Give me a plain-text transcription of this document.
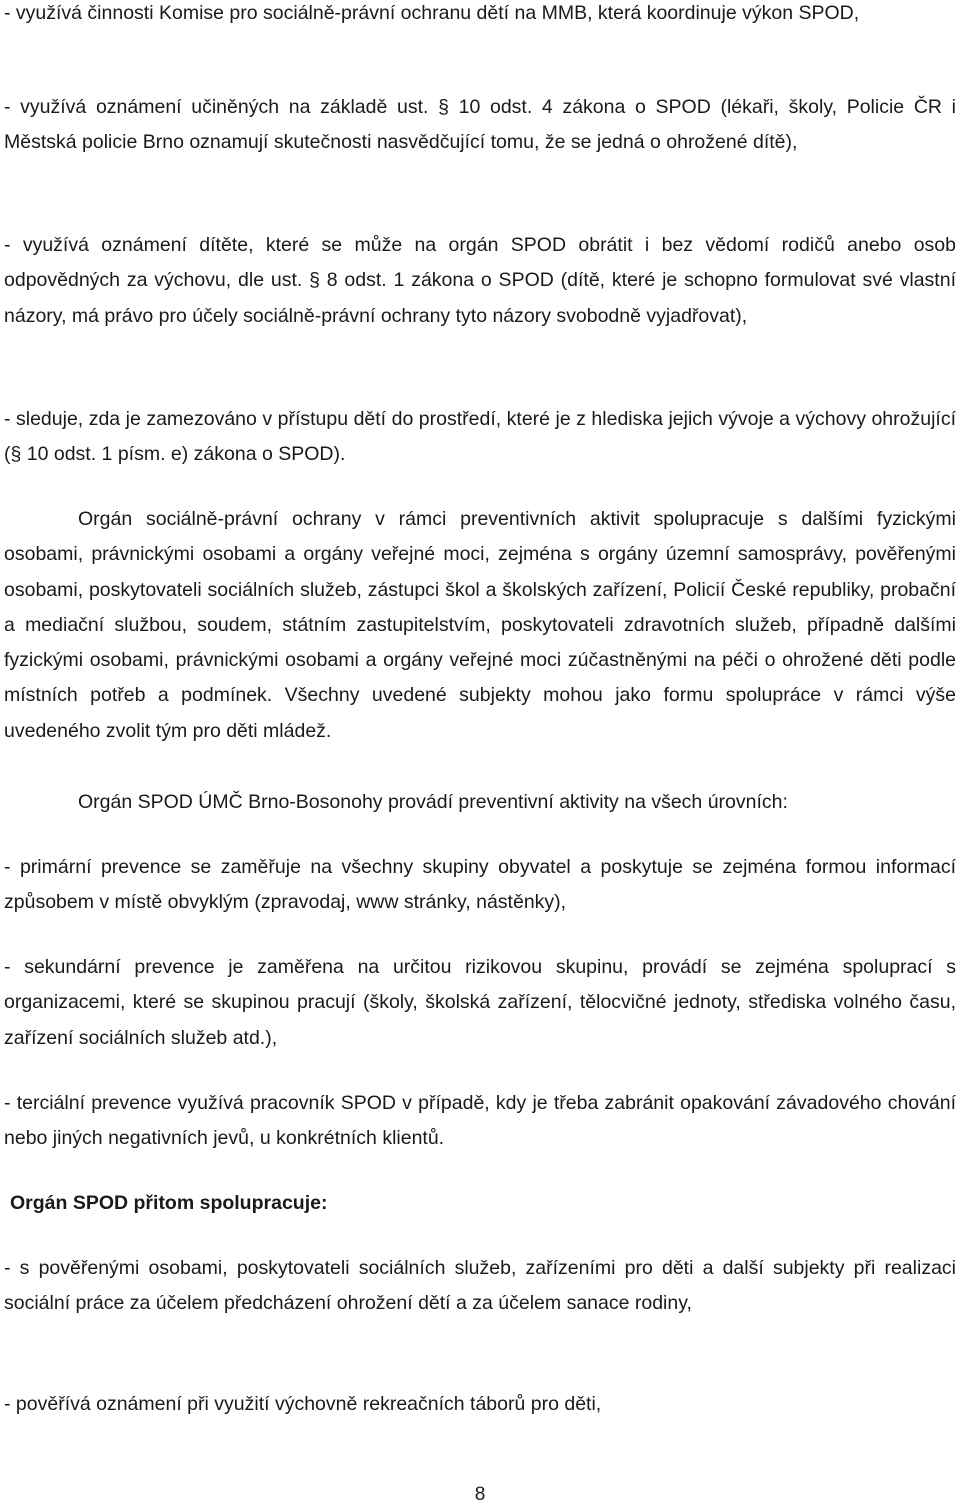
- využívá činnosti Komise pro sociálně-právní ochranu dětí na MMB, která koordinuje výkon SPOD,

- využívá oznámení učiněných na základě ust. § 10 odst. 4 zákona o SPOD (lékaři, školy, Policie ČR i Městská policie Brno oznamují skutečnosti nasvědčující tomu, že se jedná o ohrožené dítě),

- využívá oznámení dítěte, které se může na orgán SPOD obrátit i bez vědomí rodičů anebo osob odpovědných za výchovu, dle ust. § 8 odst. 1 zákona o SPOD (dítě, které je schopno formulovat své vlastní názory, má právo pro účely sociálně-právní ochrany tyto názory svobodně vyjadřovat),

- sleduje, zda je zamezováno v přístupu dětí do prostředí, které je z hlediska jejich vývoje a výchovy ohrožující (§ 10 odst. 1 písm. e) zákona o SPOD).

Orgán sociálně-právní ochrany v rámci preventivních aktivit spolupracuje s dalšími fyzickými osobami, právnickými osobami a orgány veřejné moci, zejména s orgány územní samosprávy, pověřenými osobami, poskytovateli sociálních služeb, zástupci škol a školských zařízení, Policií České republiky, probační a mediační službou, soudem, státním zastupitelstvím, poskytovateli zdravotních služeb, případně dalšími fyzickými osobami, právnickými osobami a orgány veřejné moci zúčastněnými na péči o ohrožené děti podle místních potřeb a podmínek. Všechny uvedené subjekty mohou jako formu spolupráce v rámci výše uvedeného zvolit tým pro děti mládež.

Orgán SPOD ÚMČ Brno-Bosonohy provádí preventivní aktivity na všech úrovních:

- primární prevence se zaměřuje na všechny skupiny obyvatel a poskytuje se zejména formou informací způsobem v místě obvyklým (zpravodaj, www stránky, nástěnky),

- sekundární prevence je zaměřena na určitou rizikovou skupinu, provádí se zejména spoluprací s organizacemi, které se skupinou pracují (školy, školská zařízení, tělocvičné jednoty, střediska volného času, zařízení sociálních služeb atd.),

- terciální prevence využívá pracovník SPOD v případě, kdy je třeba zabránit opakování závadového chování nebo jiných negativních jevů, u konkrétních klientů.

Orgán SPOD přitom spolupracuje:

- s pověřenými osobami, poskytovateli sociálních služeb, zařízeními pro děti a další subjekty při realizaci sociální práce za účelem předcházení ohrožení dětí a za účelem sanace rodiny,

- pověřívá oznámení při využití výchovně rekreačních táborů pro děti,

8
